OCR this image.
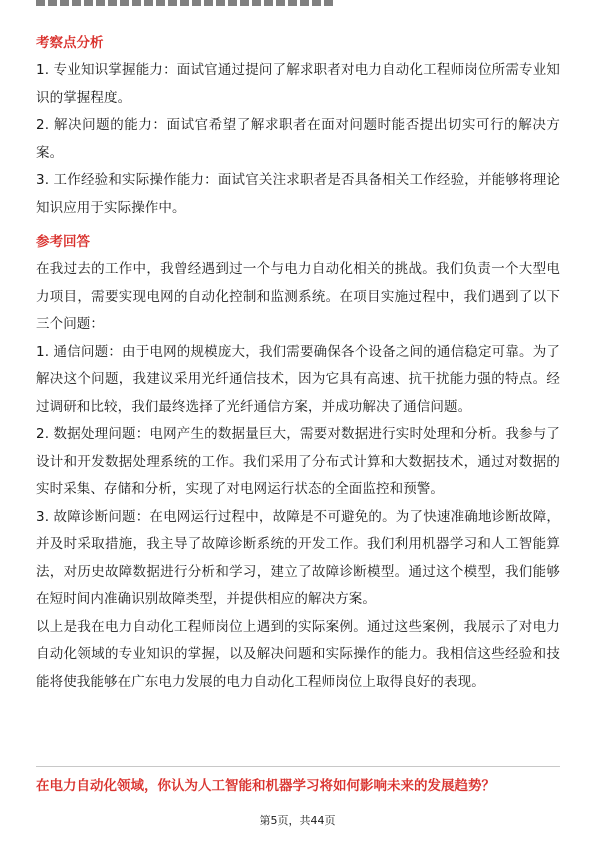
考察点分析

1. 专业知识掌握能力：面试官通过提问了解求职者对电力自动化工程师岗位所需专业知识的掌握程度。

2. 解决问题的能力：面试官希望了解求职者在面对问题时能否提出切实可行的解决方案。

3. 工作经验和实际操作能力：面试官关注求职者是否具备相关工作经验，并能够将理论知识应用于实际操作中。

参考回答

在我过去的工作中，我曾经遇到过一个与电力自动化相关的挑战。我们负责一个大型电力项目，需要实现电网的自动化控制和监测系统。在项目实施过程中，我们遇到了以下三个问题：

1. 通信问题：由于电网的规模庞大，我们需要确保各个设备之间的通信稳定可靠。为了解决这个问题，我建议采用光纤通信技术，因为它具有高速、抗干扰能力强的特点。经过调研和比较，我们最终选择了光纤通信方案，并成功解决了通信问题。

2. 数据处理问题：电网产生的数据量巨大，需要对数据进行实时处理和分析。我参与了设计和开发数据处理系统的工作。我们采用了分布式计算和大数据技术，通过对数据的实时采集、存储和分析，实现了对电网运行状态的全面监控和预警。

3. 故障诊断问题：在电网运行过程中，故障是不可避免的。为了快速准确地诊断故障，并及时采取措施，我主导了故障诊断系统的开发工作。我们利用机器学习和人工智能算法，对历史故障数据进行分析和学习，建立了故障诊断模型。通过这个模型，我们能够在短时间内准确识别故障类型，并提供相应的解决方案。

以上是我在电力自动化工程师岗位上遇到的实际案例。通过这些案例，我展示了对电力自动化领域的专业知识的掌握，以及解决问题和实际操作的能力。我相信这些经验和技能将使我能够在广东电力发展的电力自动化工程师岗位上取得良好的表现。

在电力自动化领域，你认为人工智能和机器学习将如何影响未来的发展趋势？
第5页，共44页
